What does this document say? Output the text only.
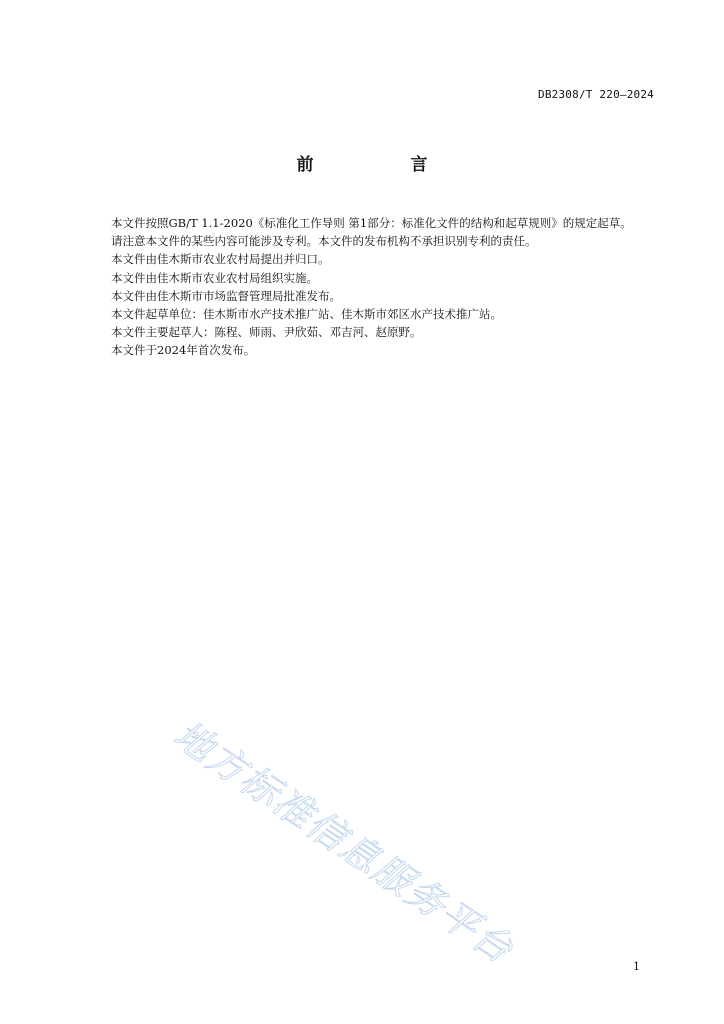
DB2308/T 220—2024
前　言

本文件按照GB/T 1.1-2020《标准化工作导则 第1部分：标准化文件的结构和起草规则》的规定起草。

请注意本文件的某些内容可能涉及专利。本文件的发布机构不承担识别专利的责任。

本文件由佳木斯市农业农村局提出并归口。

本文件由佳木斯市农业农村局组织实施。

本文件由佳木斯市市场监督管理局批准发布。

本文件起草单位：佳木斯市水产技术推广站、佳木斯市郊区水产技术推广站。

本文件主要起草人：陈程、师雨、尹欣茹、邓吉河、赵原野。

本文件于2024年首次发布。

地方标准信息服务平台	1
